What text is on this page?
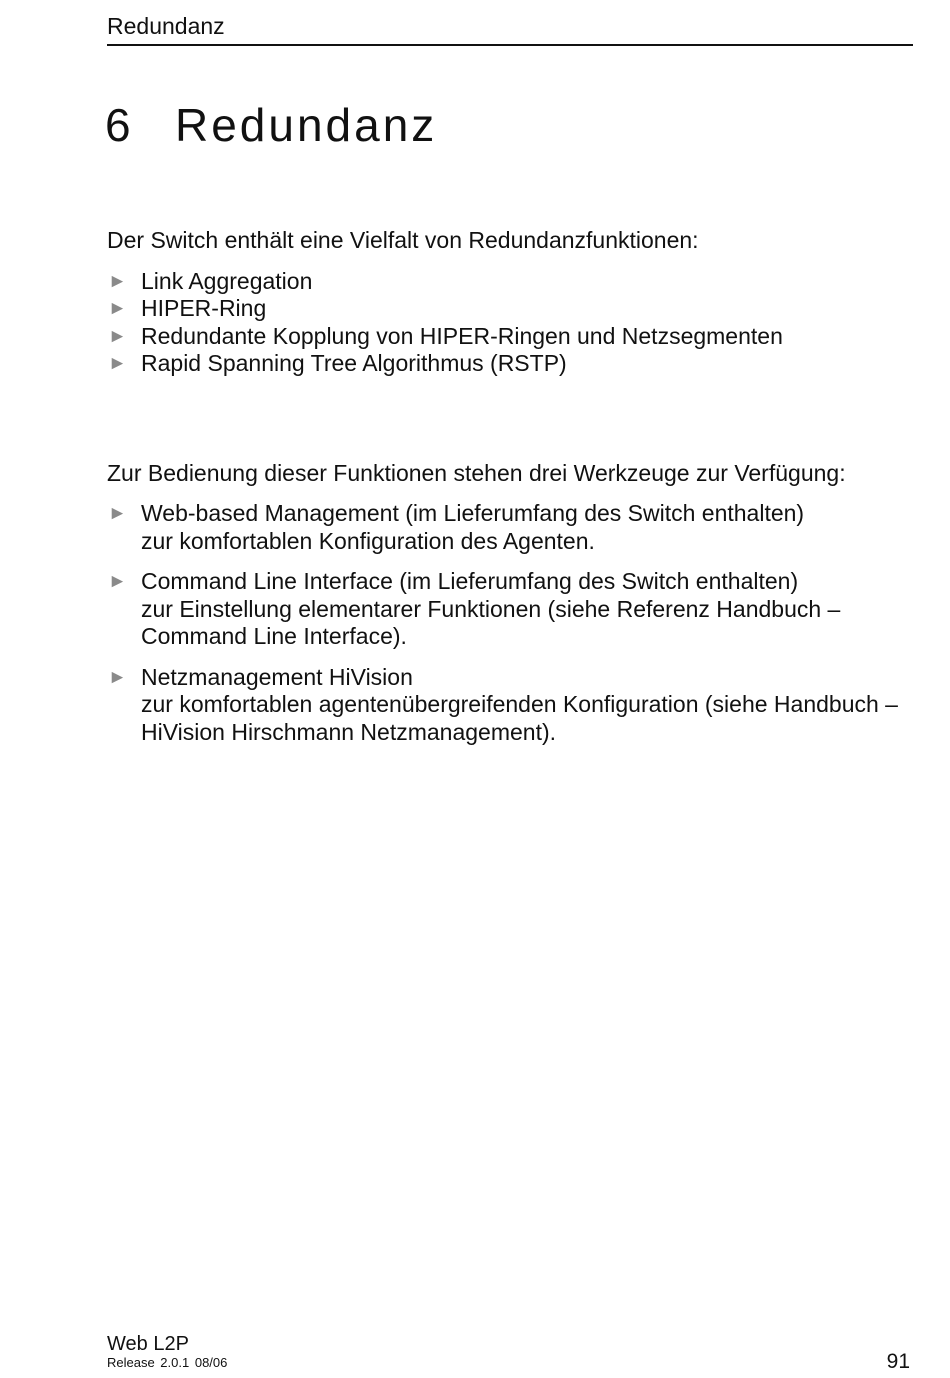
Redundanz
6 Redundanz

Der Switch enthält eine Vielfalt von Redundanzfunktionen:

► Link Aggregation
► HIPER-Ring
► Redundante Kopplung von HIPER-Ringen und Netzsegmenten
► Rapid Spanning Tree Algorithmus (RSTP)

Zur Bedienung dieser Funktionen stehen drei Werkzeuge zur Verfügung:

► Web-based Management (im Lieferumfang des Switch enthalten)
zur komfortablen Konfiguration des Agenten.
► Command Line Interface (im Lieferumfang des Switch enthalten)
zur Einstellung elementarer Funktionen (siehe Referenz Handbuch – Command Line Interface).
► Netzmanagement HiVision
zur komfortablen agentenübergreifenden Konfiguration (siehe Handbuch – HiVision Hirschmann Netzmanagement).
Web L2P
Release 2.0.1 08/06	91
